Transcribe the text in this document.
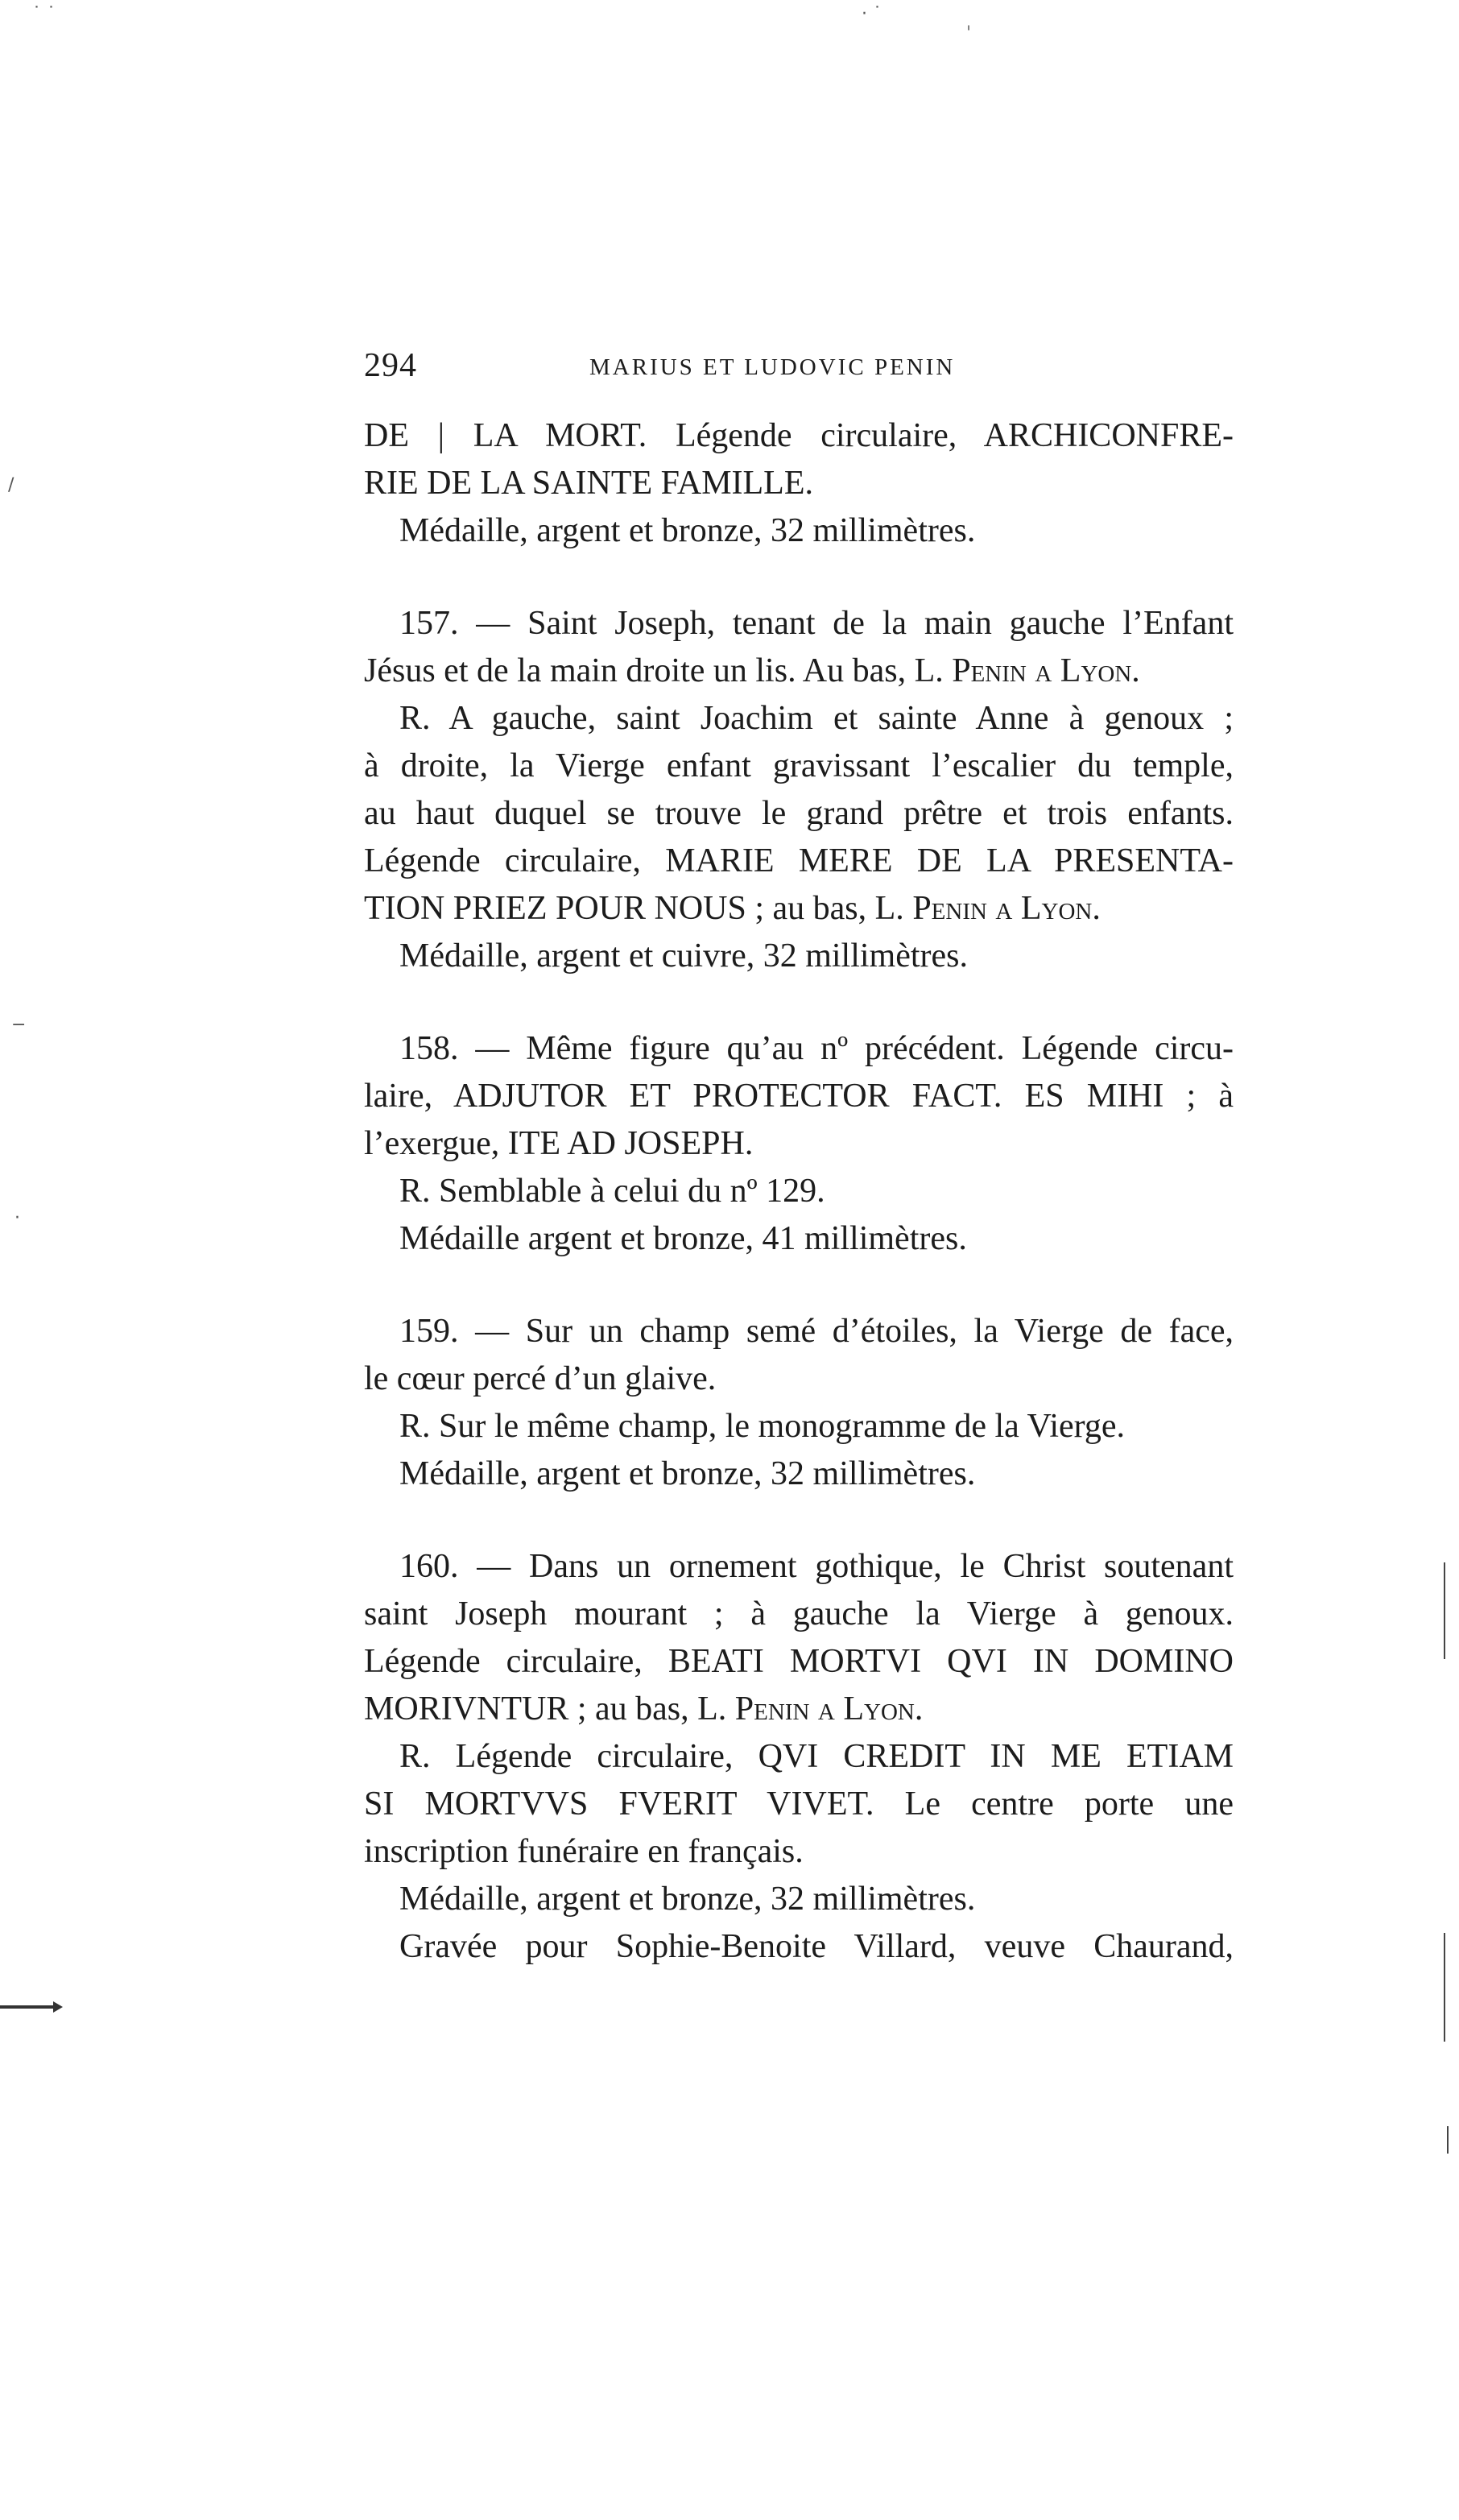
294	MARIUS ET LUDOVIC PENIN
DE | LA MORT. Légende circulaire, ARCHICONFRE-
RIE DE LA SAINTE FAMILLE.
Médaille, argent et bronze, 32 millimètres.
157. — Saint Joseph, tenant de la main gauche l’Enfant
Jésus et de la main droite un lis. Au bas, L. Penin a Lyon.
R. A gauche, saint Joachim et sainte Anne à genoux ;
à droite, la Vierge enfant gravissant l’escalier du temple,
au haut duquel se trouve le grand prêtre et trois enfants.
Légende circulaire, MARIE MERE DE LA PRESENTA-
TION PRIEZ POUR NOUS ; au bas, L. Penin a Lyon.
Médaille, argent et cuivre, 32 millimètres.
158. — Même figure qu’au nº précédent. Légende circu-
laire, ADJUTOR ET PROTECTOR FACT. ES MIHI ; à
l’exergue, ITE AD JOSEPH.
R. Semblable à celui du nº 129.
Médaille argent et bronze, 41 millimètres.
159. — Sur un champ semé d’étoiles, la Vierge de face,
le cœur percé d’un glaive.
R. Sur le même champ, le monogramme de la Vierge.
Médaille, argent et bronze, 32 millimètres.
160. — Dans un ornement gothique, le Christ soutenant
saint Joseph mourant ; à gauche la Vierge à genoux.
Légende circulaire, BEATI MORTVI QVI IN DOMINO
MORIVNTUR ; au bas, L. Penin a Lyon.
R. Légende circulaire, QVI CREDIT IN ME ETIAM
SI MORTVVS FVERIT VIVET. Le centre porte une
inscription funéraire en français.
Médaille, argent et bronze, 32 millimètres.
Gravée pour Sophie-Benoite Villard, veuve Chaurand,
˙ ˙	· ˙	ˌ
/
−
·
